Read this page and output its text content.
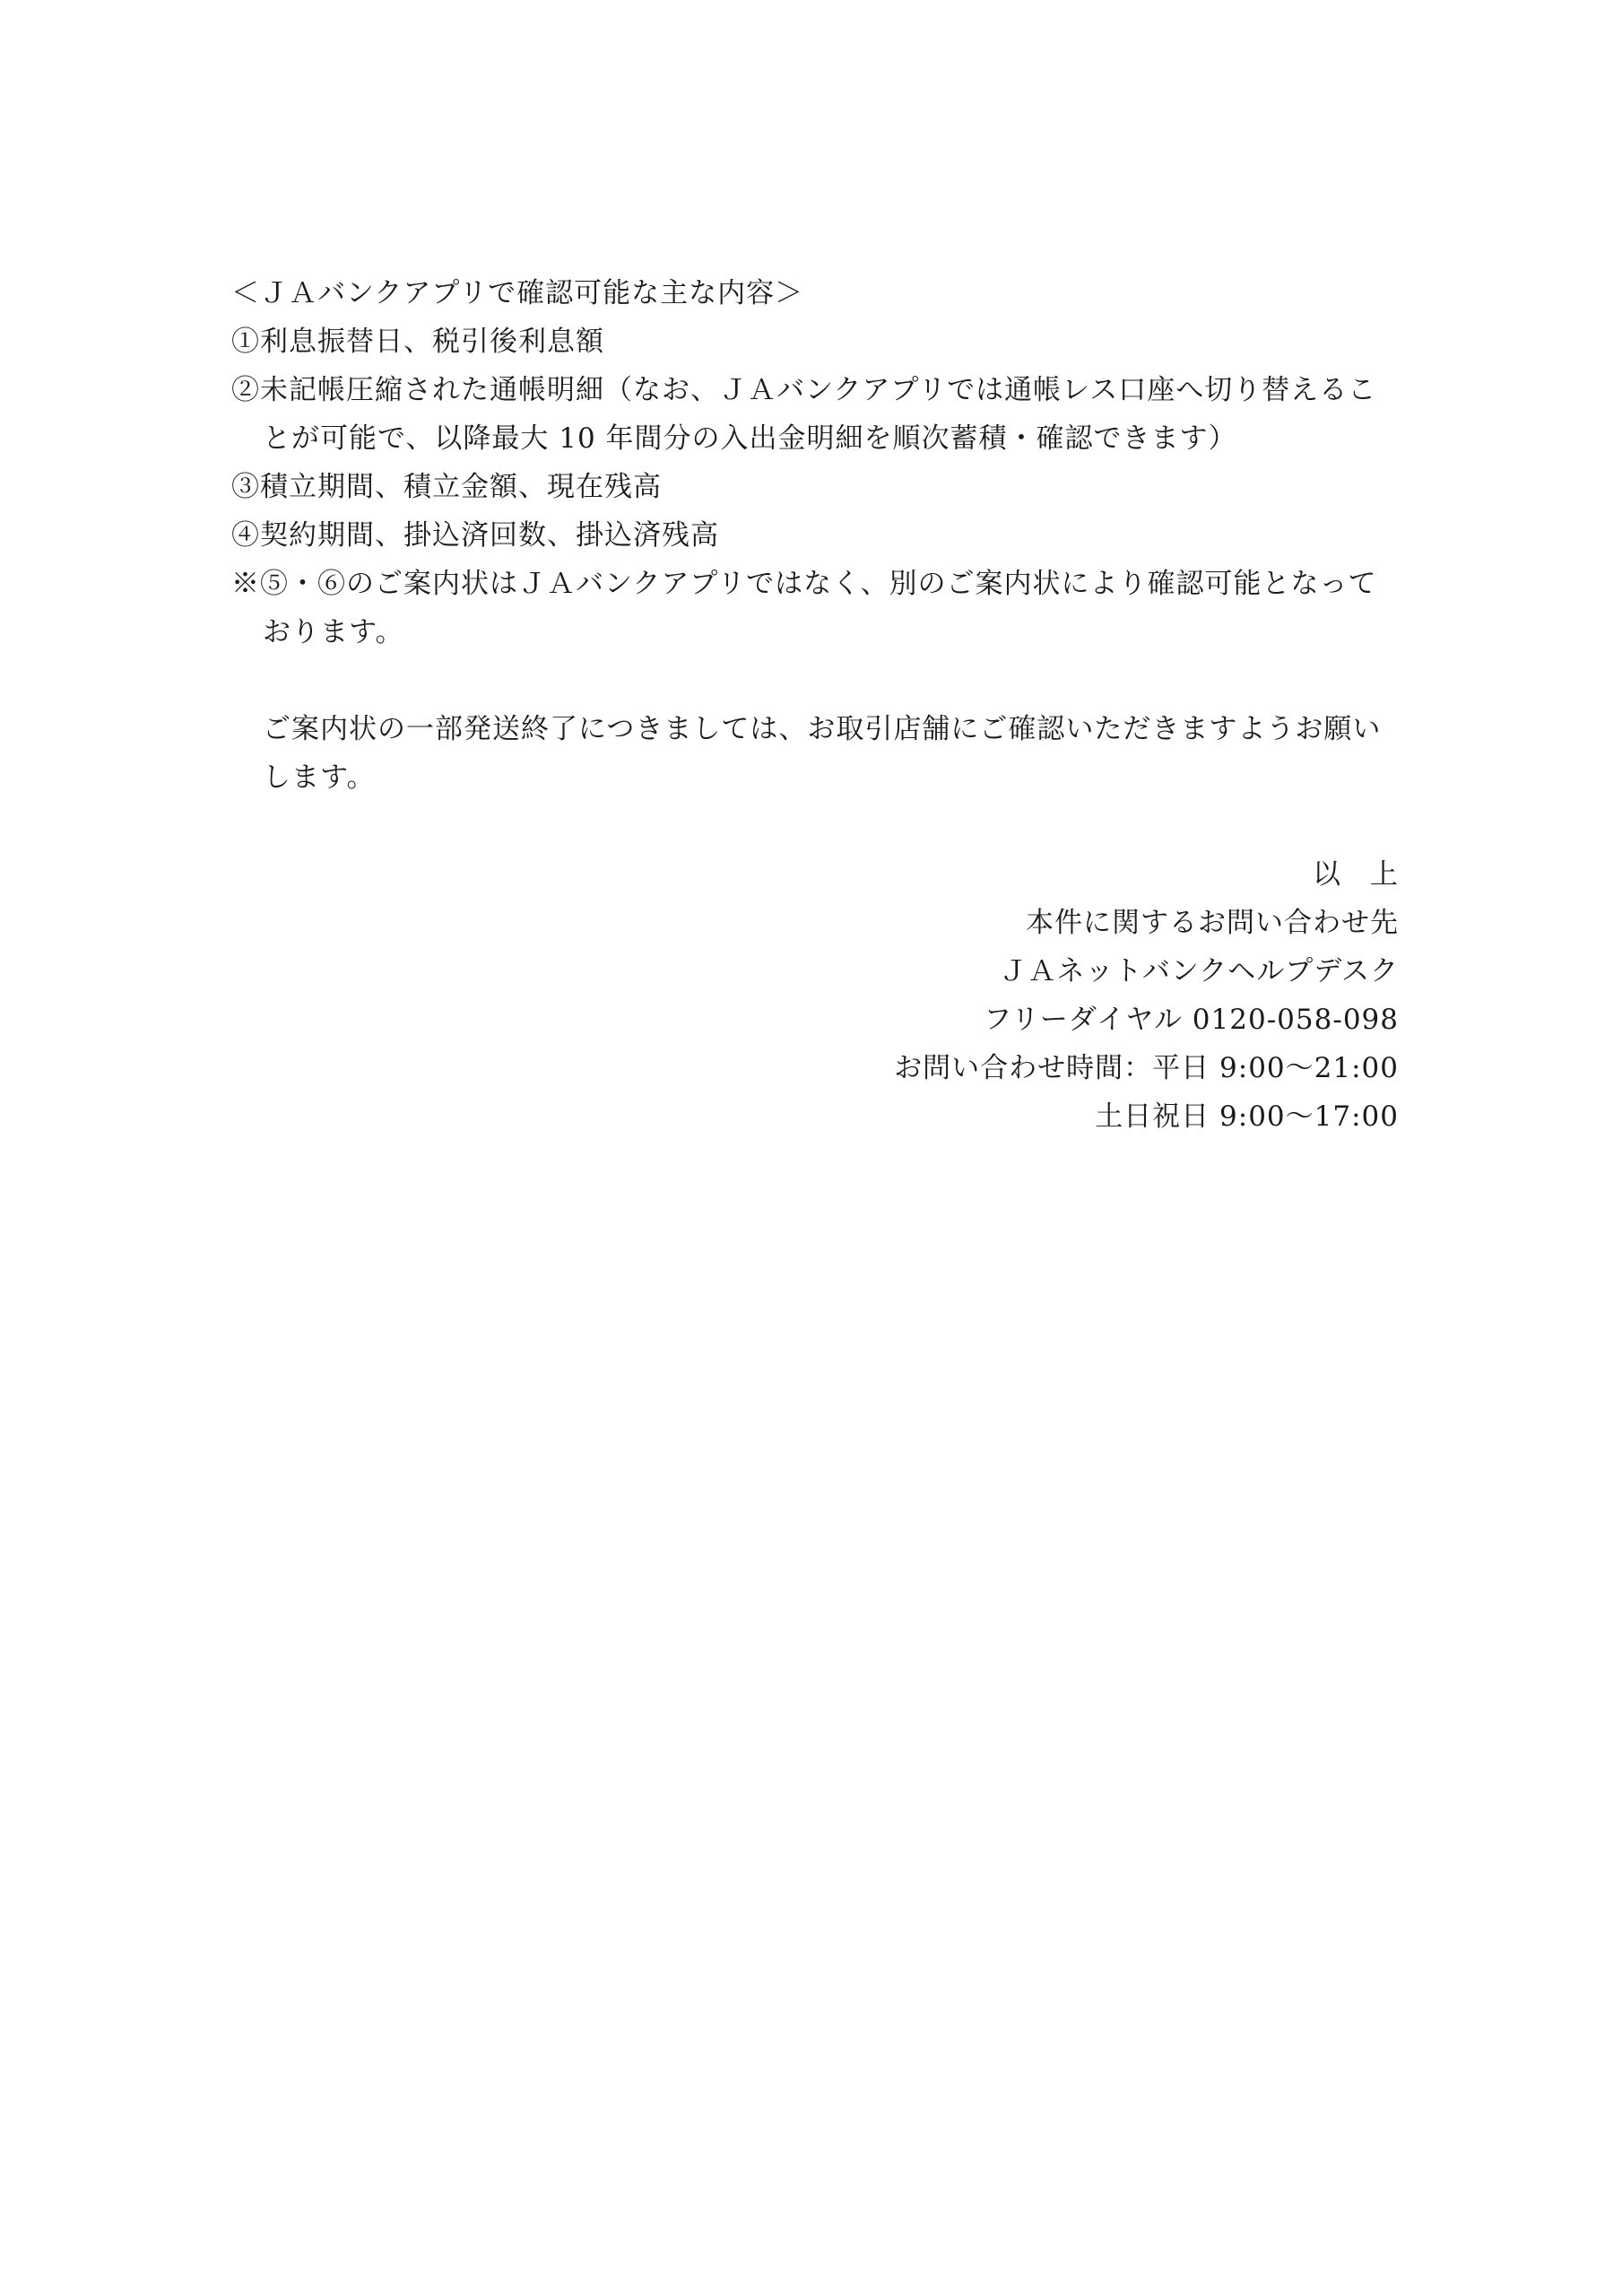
＜ＪＡバンクアプリで確認可能な主な内容＞
①利息振替日、税引後利息額
②未記帳圧縮された通帳明細（なお、ＪＡバンクアプリでは通帳レス口座へ切り替えるこ
とが可能で、以降最大 10 年間分の入出金明細を順次蓄積・確認できます）
③積立期間、積立金額、現在残高
④契約期間、掛込済回数、掛込済残高
※⑤・⑥のご案内状はＪＡバンクアプリではなく、別のご案内状により確認可能となって
おります。
ご案内状の一部発送終了につきましては、お取引店舗にご確認いただきますようお願い
します。
以　上
本件に関するお問い合わせ先
ＪＡネットバンクヘルプデスク
フリーダイヤル 0120-058-098
お問い合わせ時間：平日 9:00～21:00
土日祝日 9:00～17:00
